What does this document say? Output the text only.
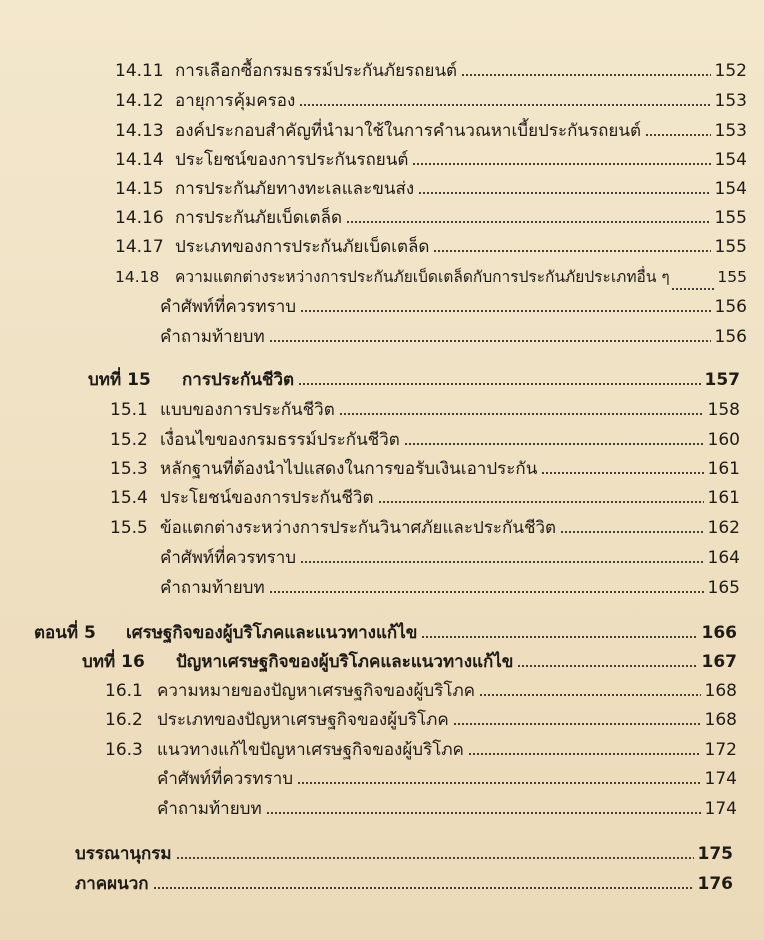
14.11 การเลือกซื้อกรมธรรม์ประกันภัยรถยนต์	152
14.12 อายุการคุ้มครอง	153
14.13 องค์ประกอบสำคัญที่นำมาใช้ในการคำนวณหาเบี้ยประกันรถยนต์	153
14.14 ประโยชน์ของการประกันรถยนต์	154
14.15 การประกันภัยทางทะเลและขนส่ง	154
14.16 การประกันภัยเบ็ดเตล็ด	155
14.17 ประเภทของการประกันภัยเบ็ดเตล็ด	155
14.18	ความแตกต่างระหว่างการประกันภัยเบ็ดเตล็ดกับการประกันภัยประเภทอื่น ๆ	155
คำศัพท์ที่ควรทราบ	156
คำถามท้ายบท	156
บทที่ 15	การประกันชีวิต	157
15.1 แบบของการประกันชีวิต	158
15.2 เงื่อนไขของกรมธรรม์ประกันชีวิต	160
15.3 หลักฐานที่ต้องนำไปแสดงในการขอรับเงินเอาประกัน	161
15.4 ประโยชน์ของการประกันชีวิต	161
15.5 ข้อแตกต่างระหว่างการประกันวินาศภัยและประกันชีวิต	162
คำศัพท์ที่ควรทราบ	164
คำถามท้ายบท	165
ตอนที่ 5	เศรษฐกิจของผู้บริโภคและแนวทางแก้ไข	166
บทที่ 16	ปัญหาเศรษฐกิจของผู้บริโภคและแนวทางแก้ไข	167
16.1 ความหมายของปัญหาเศรษฐกิจของผู้บริโภค	168
16.2 ประเภทของปัญหาเศรษฐกิจของผู้บริโภค	168
16.3 แนวทางแก้ไขปัญหาเศรษฐกิจของผู้บริโภค	172
คำศัพท์ที่ควรทราบ	174
คำถามท้ายบท	174
บรรณานุกรม	175
ภาคผนวก	176
